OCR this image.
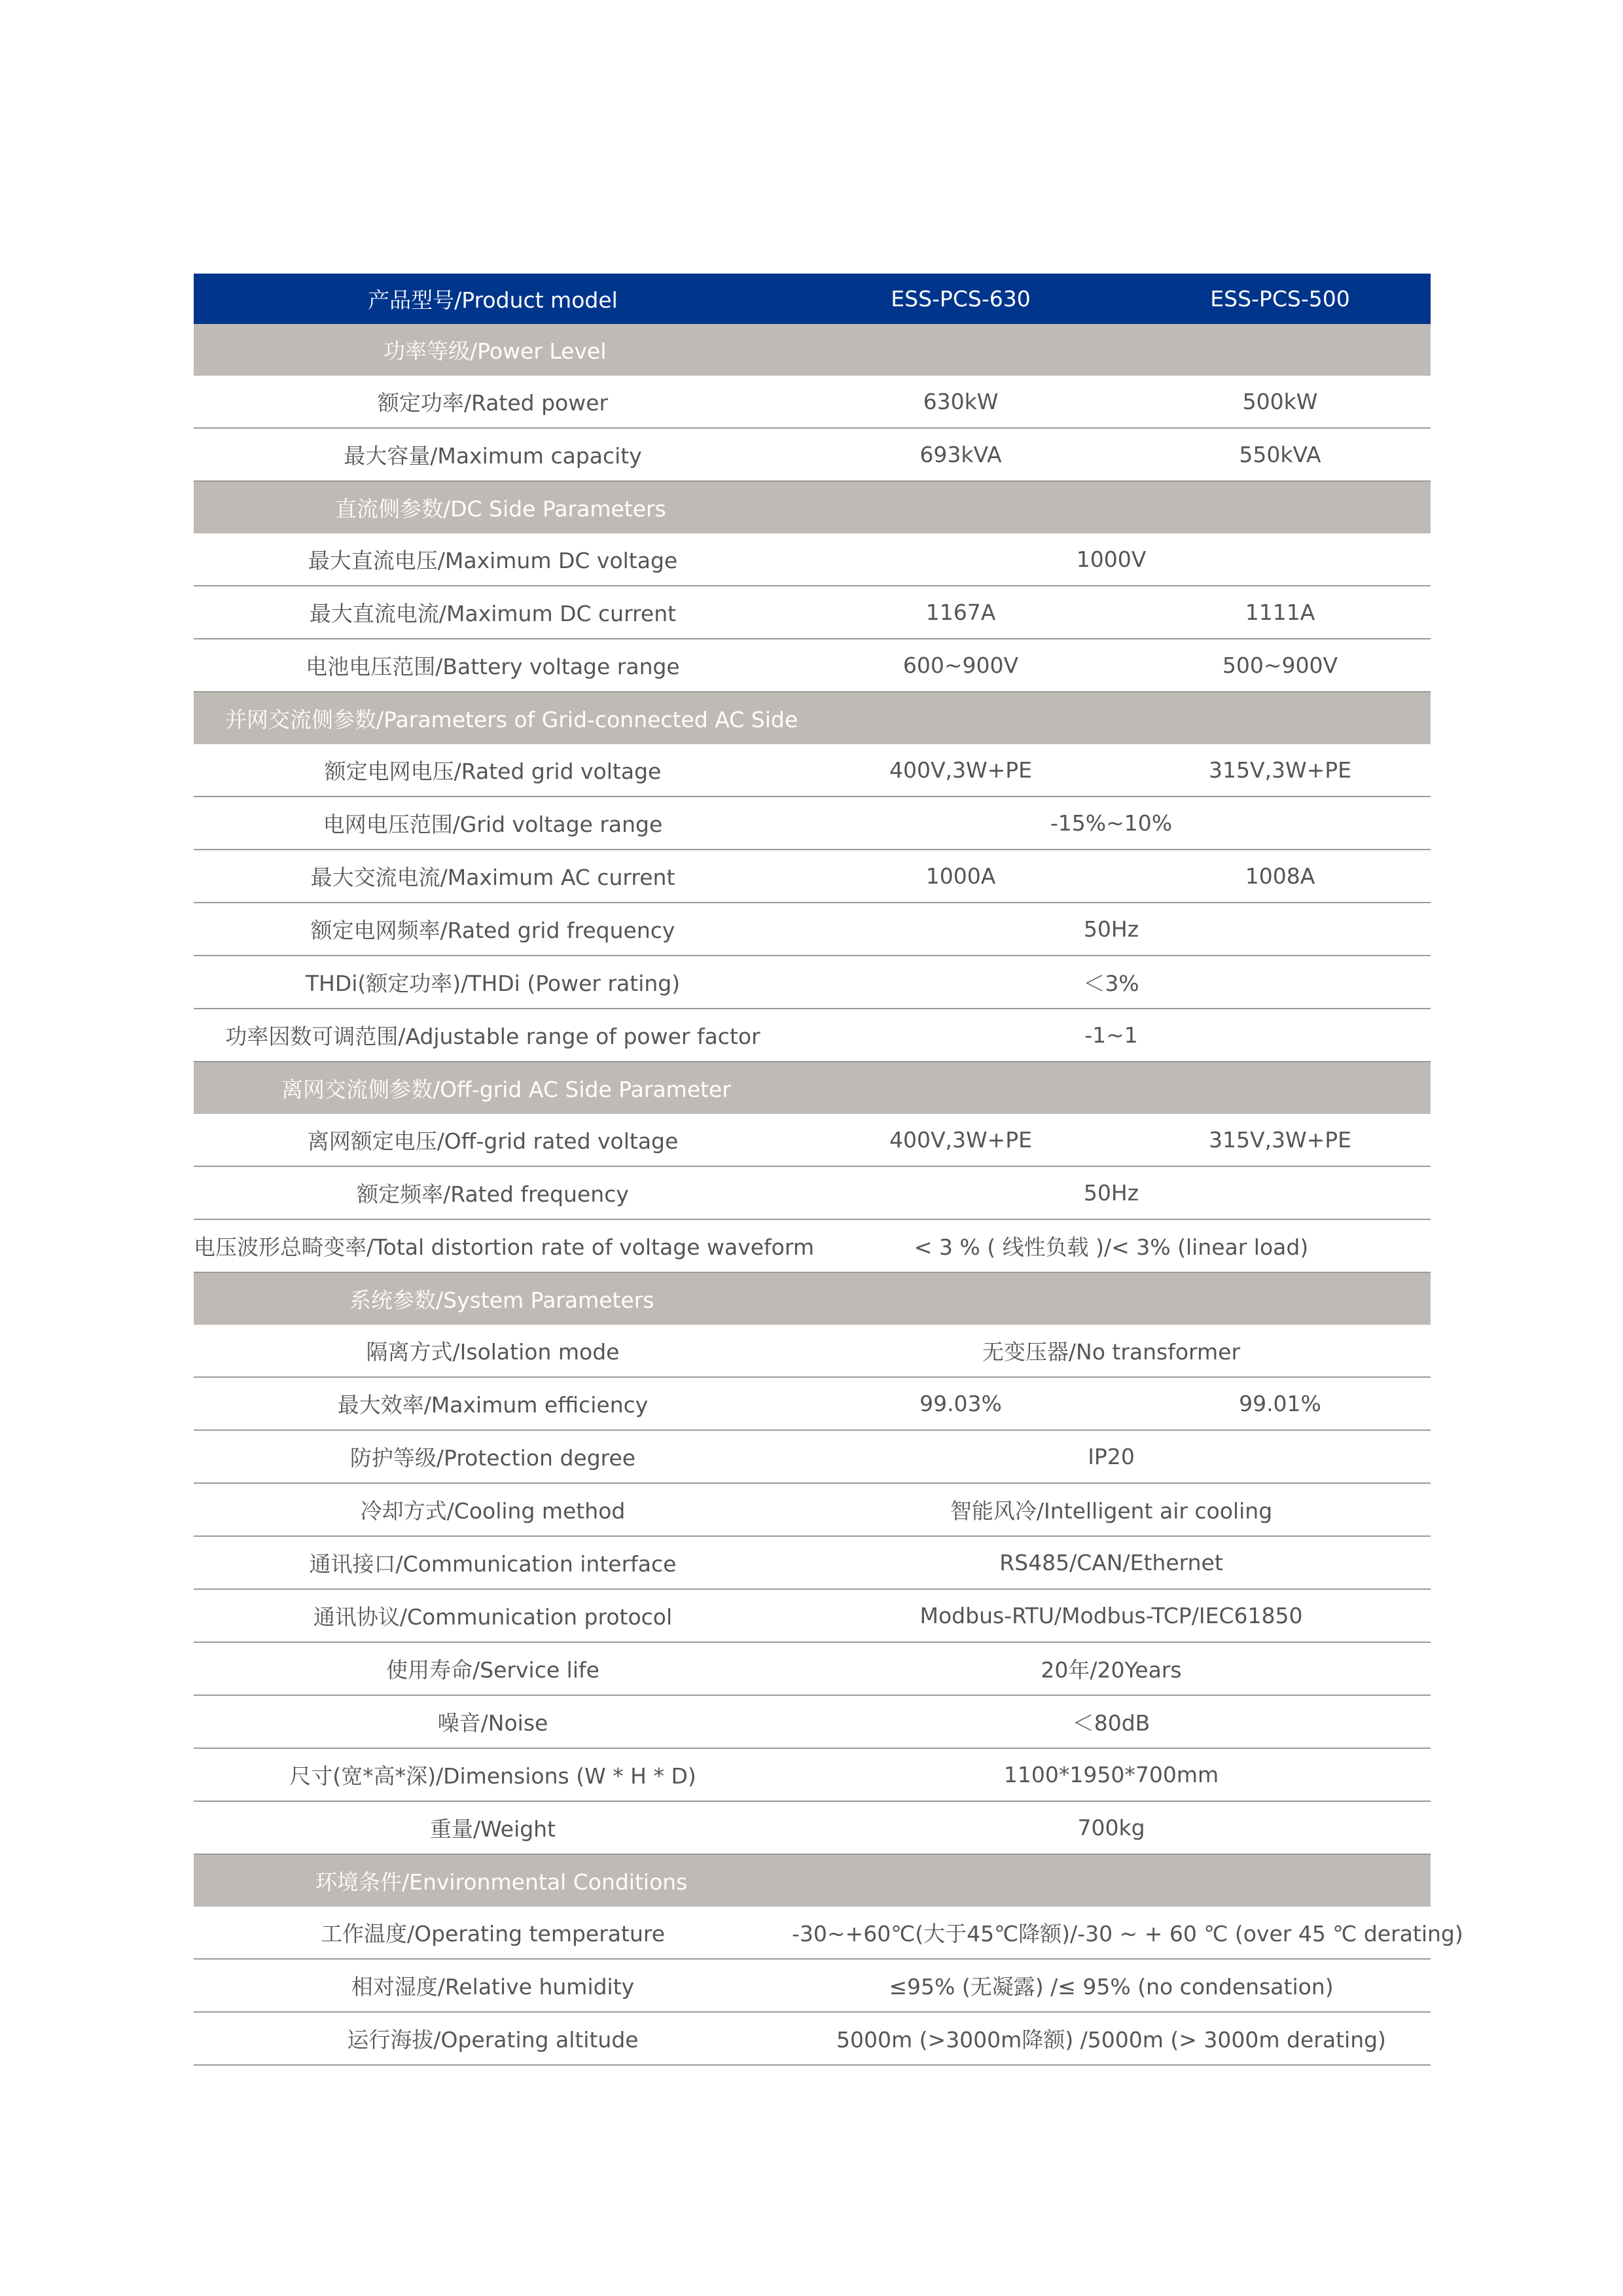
产品型号/Product model	ESS-PCS-630	ESS-PCS-500
功率等级/Power Level		
额定功率/Rated power	630kW	500kW
最大容量/Maximum capacity	693kVA	550kVA
直流侧参数/DC Side Parameters		
最大直流电压/Maximum DC voltage	1000V	
最大直流电流/Maximum DC current	1167A	1111A
电池电压范围/Battery voltage range	600~900V	500~900V
并网交流侧参数/Parameters of Grid-connected AC Side		
额定电网电压/Rated grid voltage	400V,3W+PE	315V,3W+PE
电网电压范围/Grid voltage range	-15%~10%	
最大交流电流/Maximum AC current	1000A	1008A
额定电网频率/Rated grid frequency	50Hz	
THDi(额定功率)/THDi (Power rating)	＜3%	
功率因数可调范围/Adjustable range of power factor	-1~1	
离网交流侧参数/Off-grid AC Side Parameter		
离网额定电压/Off-grid rated voltage	400V,3W+PE	315V,3W+PE
额定频率/Rated frequency	50Hz	
电压波形总畸变率/Total distortion rate of voltage waveform	< 3 % ( 线性负载 )/< 3% (linear load)	
系统参数/System Parameters		
隔离方式/Isolation mode	无变压器/No transformer	
最大效率/Maximum efficiency	99.03%	99.01%
防护等级/Protection degree	IP20	
冷却方式/Cooling method	智能风冷/Intelligent air cooling	
通讯接口/Communication interface	RS485/CAN/Ethernet	
通讯协议/Communication protocol	Modbus-RTU/Modbus-TCP/IEC61850	
使用寿命/Service life	20年/20Years	
噪音/Noise	＜80dB	
尺寸(宽*高*深)/Dimensions (W * H * D)	1100*1950*700mm	
重量/Weight	700kg	
环境条件/Environmental Conditions		
工作温度/Operating temperature	-30~+60℃(大于45℃降额)/-30 ~ + 60 ℃ (over 45 ℃ derating)	
相对湿度/Relative humidity	≤95% (无凝露) /≤ 95% (no condensation)	
运行海拔/Operating altitude	5000m (>3000m降额) /5000m (> 3000m derating)	
